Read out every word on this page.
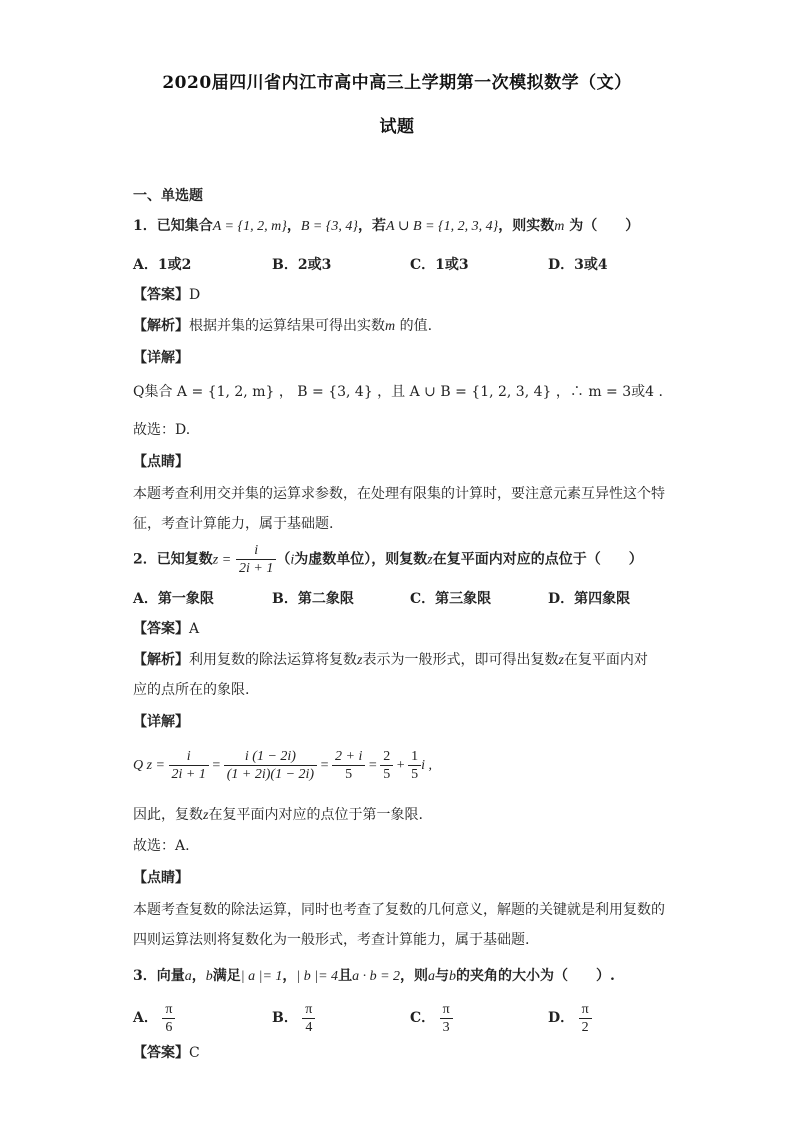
2020届四川省内江市高中高三上学期第一次模拟数学（文）
试题
一、单选题
1．已知集合A = {1, 2, m}，B = {3, 4}，若A ∪ B = {1, 2, 3, 4}，则实数m 为（　　）
A．1或2	B．2或3	C．1或3	D．3或4
【答案】D
【解析】根据并集的运算结果可得出实数m 的值.
【详解】
Q集合 A = {1, 2, m} ， B = {3, 4} ，且 A ∪ B = {1, 2, 3, 4} ，∴ m = 3或4 .
故选：D.
【点睛】
本题考查利用交并集的运算求参数，在处理有限集的计算时，要注意元素互异性这个特
征，考查计算能力，属于基础题.
2．已知复数$z = \frac{i}{2i + 1} (i$为虚数单位），则复数z在复平面内对应的点位于（　　）
A．第一象限	B．第二象限	C．第三象限	D．第四象限
【答案】A
【解析】利用复数的除法运算将复数z表示为一般形式，即可得出复数z在复平面内对
应的点所在的象限.
【详解】
Q $z = \frac{i}{2i + 1} = \frac{i (1 - 2i)}{(1 + 2i)(1 - 2i)} = \frac{2 + i}{5} = \frac{2}{5} + \frac{1}{5}$ i ,
因此，复数z在复平面内对应的点位于第一象限.
故选：A.
【点睛】
本题考查复数的除法运算，同时也考查了复数的几何意义，解题的关键就是利用复数的
四则运算法则将复数化为一般形式，考查计算能力，属于基础题.
3．向量a，b满足| a |= 1，| b |= 4且a · b = 2，则a与b的夹角的大小为（　　）.
A． $\frac{\pi}{6}$	B． $\frac{\pi}{4}$	C． $\frac{\pi}{3}$	D． $\frac{\pi}{2}$
【答案】C
